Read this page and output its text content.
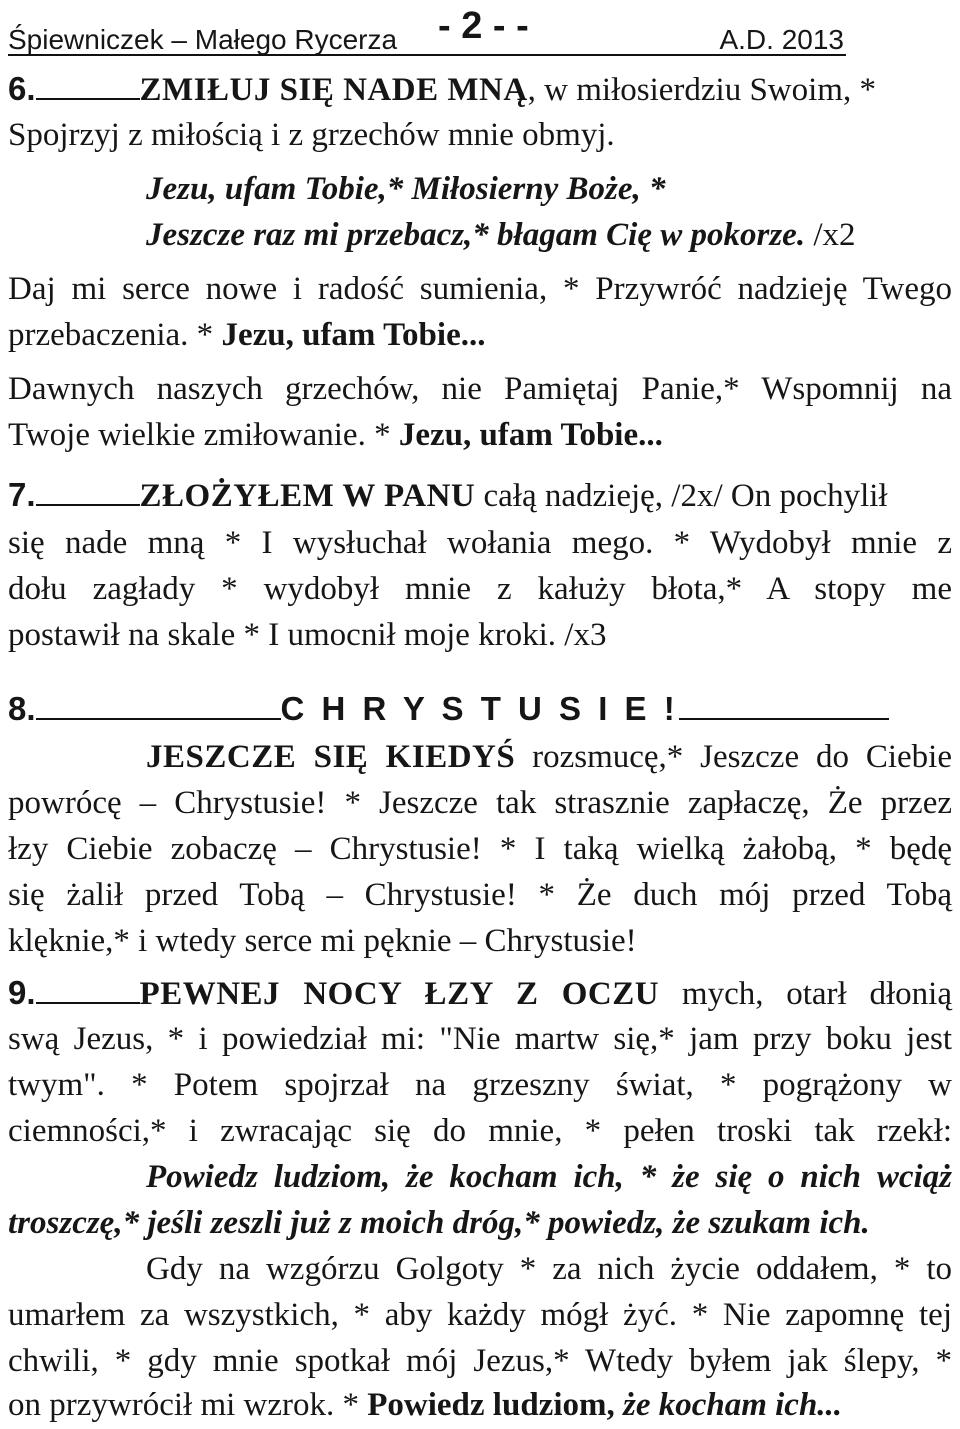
Śpiewniczek – Małego Rycerza - 2 - -	A.D. 2013
6.	ZMIŁUJ SIĘ NADE MNĄ, w miłosierdziu Swoim, *
Spojrzyj z miłością i z grzechów mnie obmyj.
Jezu, ufam Tobie,* Miłosierny Boże, *
Jeszcze raz mi przebacz,* błagam Cię w pokorze. /x2
Daj mi serce nowe i radość sumienia, * Przywróć nadzieję Twego
przebaczenia. * Jezu, ufam Tobie...
Dawnych naszych grzechów, nie Pamiętaj Panie,* Wspomnij na
Twoje wielkie zmiłowanie. * Jezu, ufam Tobie...
7.	ZŁOŻYŁEM W PANU całą nadzieję, /2x/ On pochylił
się nade mną * I wysłuchał wołania mego. * Wydobył mnie z
dołu zagłady * wydobył mnie z kałuży błota,* A stopy me
postawił na skale * I umocnił moje kroki. /x3
8.	C H R Y S T U S I E !
JESZCZE SIĘ KIEDYŚ rozsmucę,* Jeszcze do Ciebie
powrócę – Chrystusie! * Jeszcze tak strasznie zapłaczę, Że przez
łzy Ciebie zobaczę – Chrystusie! * I taką wielką żałobą, * będę
się żalił przed Tobą – Chrystusie! * Że duch mój przed Tobą
klęknie,* i wtedy serce mi pęknie – Chrystusie!
9.	PEWNEJ NOCY ŁZY Z OCZU mych, otarł dłonią
swą Jezus, * i powiedział mi: "Nie martw się,* jam przy boku jest
twym". * Potem spojrzał na grzeszny świat, * pogrążony w
ciemności,* i zwracając się do mnie, * pełen troski tak rzekł:
Powiedz ludziom, że kocham ich, * że się o nich wciąż
troszczę,* jeśli zeszli już z moich dróg,* powiedz, że szukam ich.
Gdy na wzgórzu Golgoty * za nich życie oddałem, * to
umarłem za wszystkich, * aby każdy mógł żyć. * Nie zapomnę tej
chwili, * gdy mnie spotkał mój Jezus,* Wtedy byłem jak ślepy, *
on przywrócił mi wzrok. * Powiedz ludziom, że kocham ich...
